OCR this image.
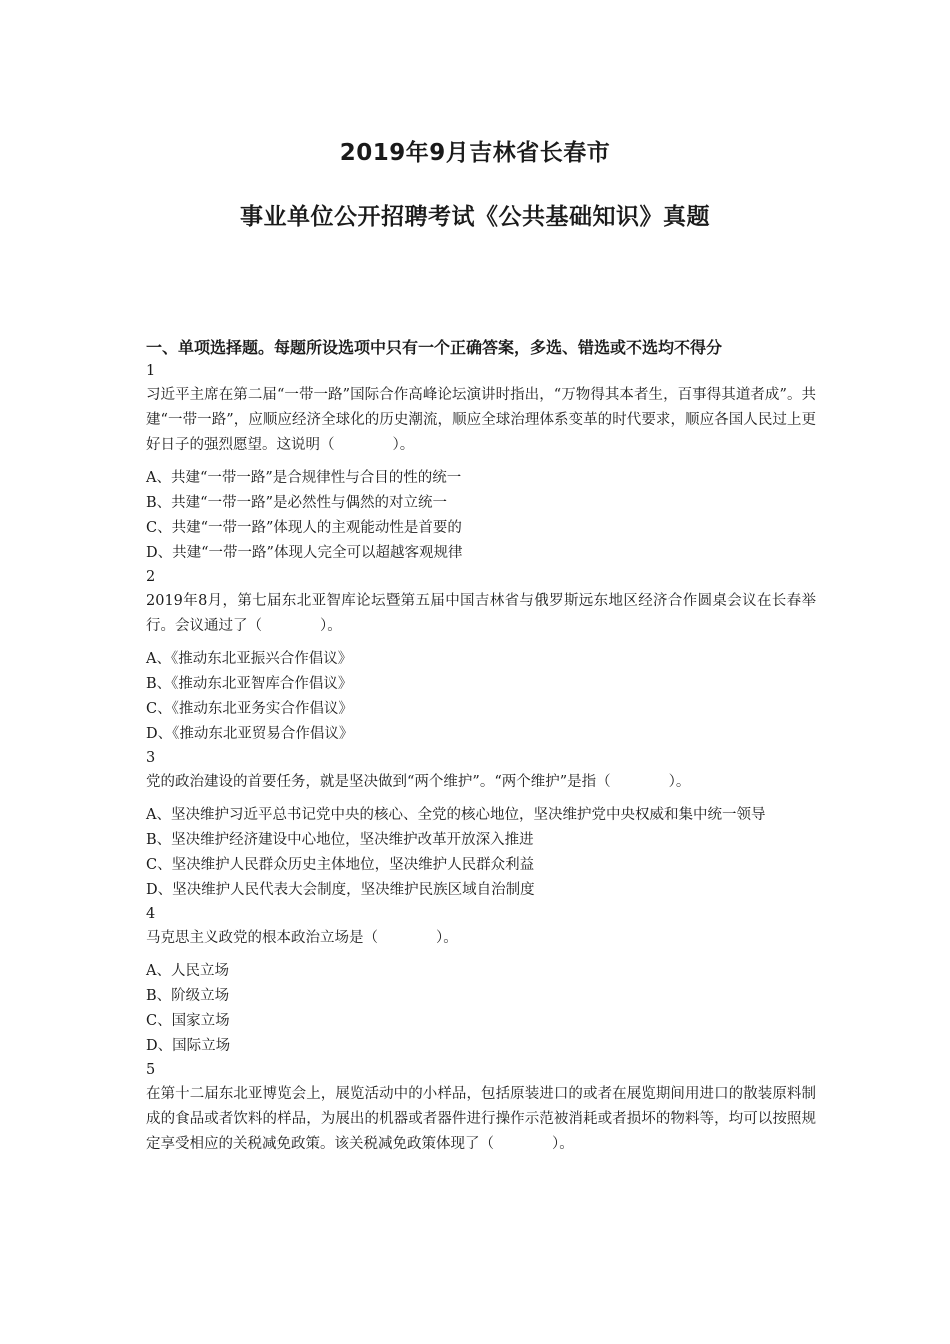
2019年9月吉林省长春市
事业单位公开招聘考试《公共基础知识》真题
一、单项选择题。每题所设选项中只有一个正确答案，多选、错选或不选均不得分
1
习近平主席在第二届“一带一路”国际合作高峰论坛演讲时指出，“万物得其本者生，百事得其道者成”。共建“一带一路”，应顺应经济全球化的历史潮流，顺应全球治理体系变革的时代要求，顺应各国人民过上更好日子的强烈愿望。这说明（　　　　）。
A、共建“一带一路”是合规律性与合目的性的统一
B、共建“一带一路”是必然性与偶然的对立统一
C、共建“一带一路”体现人的主观能动性是首要的
D、共建“一带一路”体现人完全可以超越客观规律
2
2019年8月，第七届东北亚智库论坛暨第五届中国吉林省与俄罗斯远东地区经济合作圆桌会议在长春举行。会议通过了（　　　　）。
A、《推动东北亚振兴合作倡议》
B、《推动东北亚智库合作倡议》
C、《推动东北亚务实合作倡议》
D、《推动东北亚贸易合作倡议》
3
党的政治建设的首要任务，就是坚决做到“两个维护”。“两个维护”是指（　　　　）。
A、坚决维护习近平总书记党中央的核心、全党的核心地位，坚决维护党中央权威和集中统一领导
B、坚决维护经济建设中心地位，坚决维护改革开放深入推进
C、坚决维护人民群众历史主体地位，坚决维护人民群众利益
D、坚决维护人民代表大会制度，坚决维护民族区域自治制度
4
马克思主义政党的根本政治立场是（　　　　）。
A、人民立场
B、阶级立场
C、国家立场
D、国际立场
5
在第十二届东北亚博览会上，展览活动中的小样品，包括原装进口的或者在展览期间用进口的散装原料制成的食品或者饮料的样品，为展出的机器或者器件进行操作示范被消耗或者损坏的物料等，均可以按照规定享受相应的关税减免政策。该关税减免政策体现了（　　　　）。
